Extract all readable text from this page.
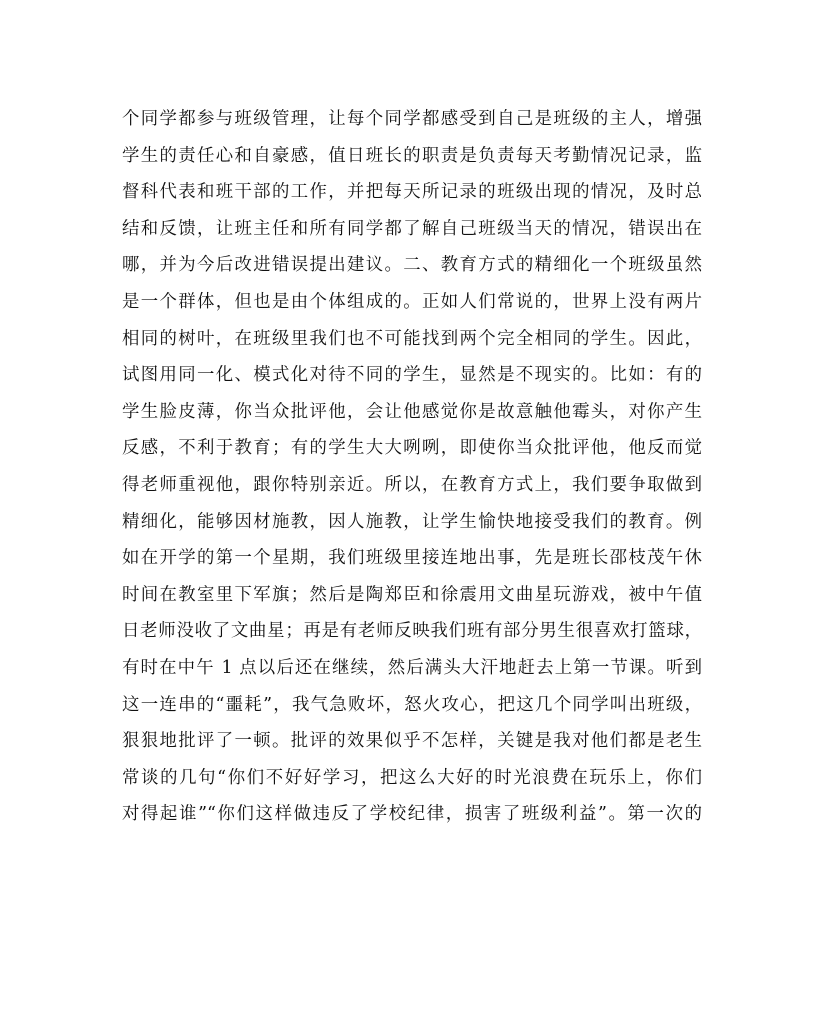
个同学都参与班级管理，让每个同学都感受到自己是班级的主人，增强
学生的责任心和自豪感，值日班长的职责是负责每天考勤情况记录，监
督科代表和班干部的工作，并把每天所记录的班级出现的情况，及时总
结和反馈，让班主任和所有同学都了解自己班级当天的情况，错误出在
哪，并为今后改进错误提出建议。二、教育方式的精细化一个班级虽然
是一个群体，但也是由个体组成的。正如人们常说的，世界上没有两片
相同的树叶，在班级里我们也不可能找到两个完全相同的学生。因此，
试图用同一化、模式化对待不同的学生，显然是不现实的。比如：有的
学生脸皮薄，你当众批评他，会让他感觉你是故意触他霉头，对你产生
反感，不利于教育；有的学生大大咧咧，即使你当众批评他，他反而觉
得老师重视他，跟你特别亲近。所以，在教育方式上，我们要争取做到
精细化，能够因材施教，因人施教，让学生愉快地接受我们的教育。例
如在开学的第一个星期，我们班级里接连地出事，先是班长邵枝茂午休
时间在教室里下军旗；然后是陶郑臣和徐震用文曲星玩游戏，被中午值
日老师没收了文曲星；再是有老师反映我们班有部分男生很喜欢打篮球，
有时在中午 1 点以后还在继续，然后满头大汗地赶去上第一节课。听到
这一连串的“噩耗”，我气急败坏，怒火攻心，把这几个同学叫出班级，
狠狠地批评了一顿。批评的效果似乎不怎样，关键是我对他们都是老生
常谈的几句“你们不好好学习，把这么大好的时光浪费在玩乐上，你们
对得起谁”“你们这样做违反了学校纪律，损害了班级利益”。第一次的
